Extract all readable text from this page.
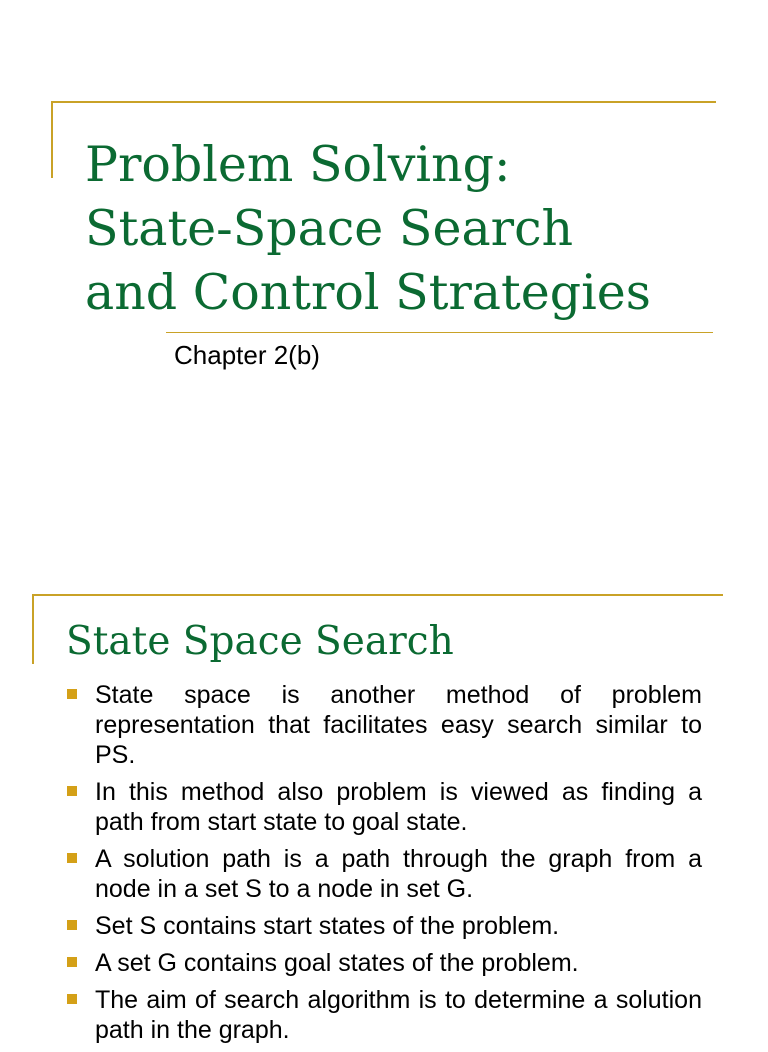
Problem Solving:
State-Space Search
and Control Strategies
Chapter 2(b)
State Space Search
State space is another method of problem representation that facilitates easy search similar to PS.
In this method also problem is viewed as finding a path from start state to goal state.
A solution path is a path through the graph from a node in a set S to a node in set G.
Set S contains start states of the problem.
A set G contains goal states of the problem.
The aim of search algorithm is to determine a solution path in the graph.
